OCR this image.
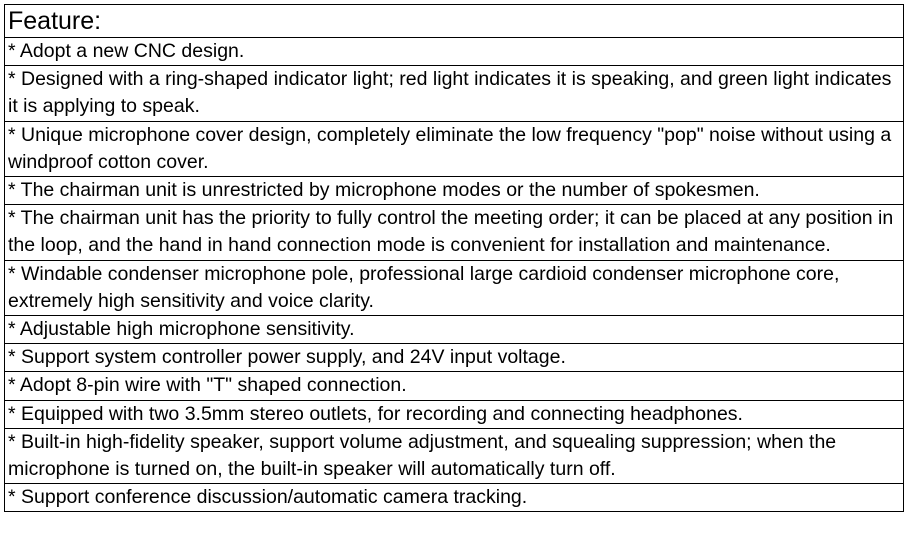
Feature:
* Adopt a new CNC design.
* Designed with a ring-shaped indicator light; red light indicates it is speaking, and green light indicates it is applying to speak.
* Unique microphone cover design, completely eliminate the low frequency "pop" noise without using a windproof cotton cover.
* The chairman unit is unrestricted by microphone modes or the number of spokesmen.
* The chairman unit has the priority to fully control the meeting order; it can be placed at any position in the loop, and the hand in hand connection mode is convenient for installation and maintenance.
* Windable condenser microphone pole, professional large cardioid condenser microphone core, extremely high sensitivity and voice clarity.
* Adjustable high microphone sensitivity.
* Support system controller power supply, and 24V input voltage.
* Adopt 8-pin wire with "T" shaped connection.
* Equipped with two 3.5mm stereo outlets, for recording and connecting headphones.
* Built-in high-fidelity speaker, support volume adjustment, and squealing suppression; when the microphone is turned on, the built-in speaker will automatically turn off.
* Support conference discussion/automatic camera tracking.
